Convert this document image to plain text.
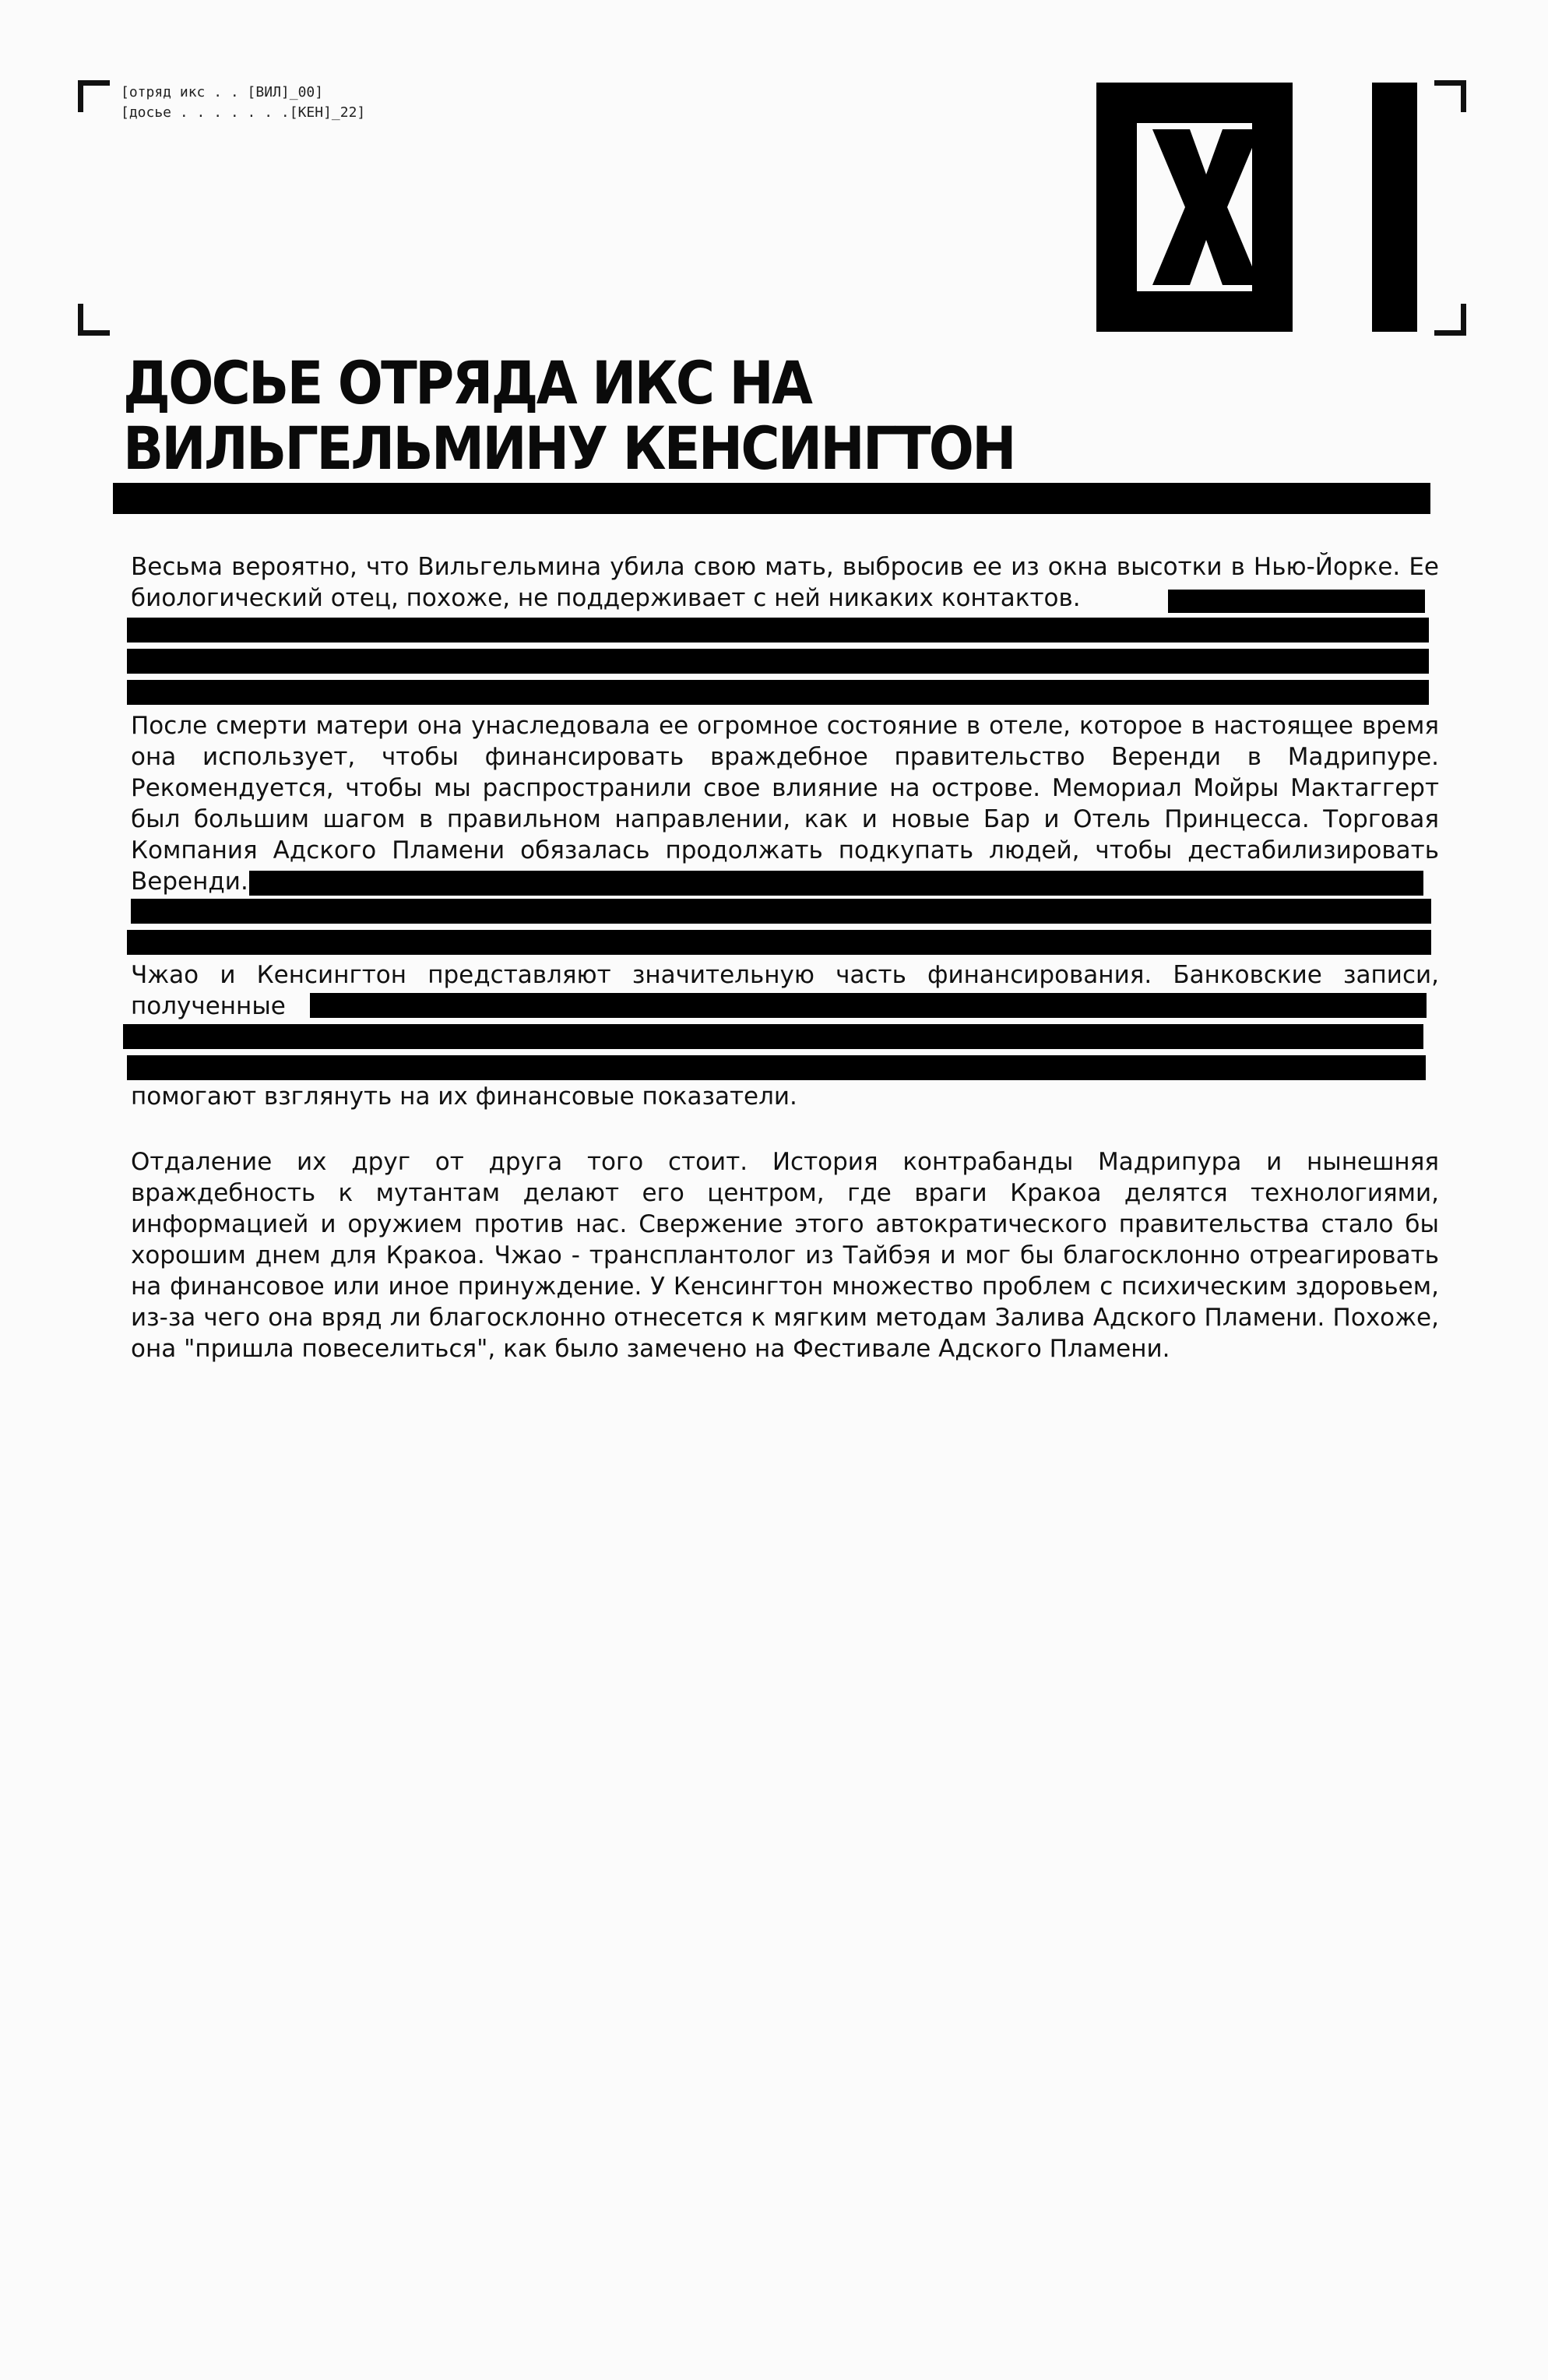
[отряд икс . . [ВИЛ]_00]
[досье . . . . . . .[КЕН]_22]
ДОСЬЕ ОТРЯДА ИКС НА
ВИЛЬГЕЛЬМИНУ КЕНСИНГТОН

Весьма вероятно, что Вильгельмина убила свою мать, выбросив ее из окна высотки в Нью-Йорке. Ее биологический отец, похоже, не поддерживает с ней никаких контактов.

После смерти матери она унаследовала ее огромное состояние в отеле, которое в настоящее время она использует, чтобы финансировать враждебное правительство Веренди в Мадрипуре. Рекомендуется, чтобы мы распространили свое влияние на острове. Мемориал Мойры Мактаггерт был большим шагом в правильном направлении, как и новые Бар и Отель Принцесса. Торговая Компания Адского Пламени обязалась продолжать подкупать людей, чтобы дестабилизировать Веренди.

Чжао и Кенсингтон представляют значительную часть финансирования. Банковские записи, полученные

помогают взглянуть на их финансовые показатели.

Отдаление их друг от друга того стоит. История контрабанды Мадрипура и нынешняя враждебность к мутантам делают его центром, где враги Кракоа делятся технологиями, информацией и оружием против нас. Свержение этого автократического правительства стало бы хорошим днем для Кракоа. Чжао - трансплантолог из Тайбэя и мог бы благосклонно отреагировать на финансовое или иное принуждение. У Кенсингтон множество проблем с психическим здоровьем, из-за чего она вряд ли благосклонно отнесется к мягким методам Залива Адского Пламени. Похоже, она "пришла повеселиться", как было замечено на Фестивале Адского Пламени.
